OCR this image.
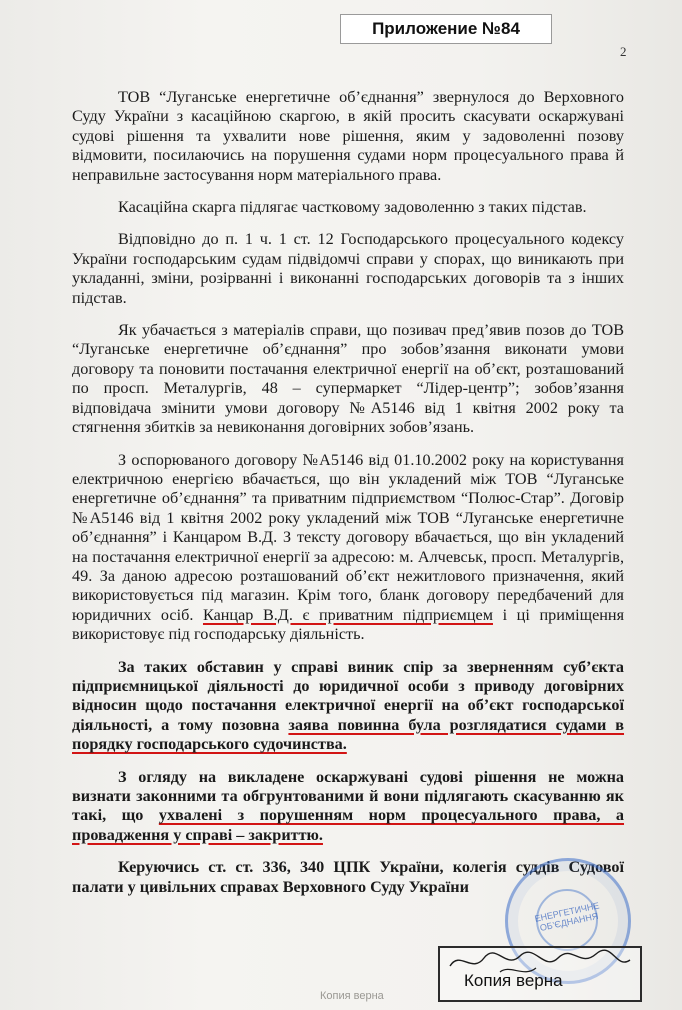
Приложение №84
2

ТОВ “Луганське енергетичне об’єднання” звернулося до Верховного Суду України з касаційною скаргою, в якій просить скасувати оскаржувані судові рішення та ухвалити нове рішення, яким у задоволенні позову відмовити, посилаючись на порушення судами норм процесуального права й неправильне застосування норм матеріального права.

Касаційна скарга підлягає частковому задоволенню з таких підстав.

Відповідно до п. 1 ч. 1 ст. 12 Господарського процесуального кодексу України господарським судам підвідомчі справи у спорах, що виникають при укладанні, зміни, розірванні і виконанні господарських договорів та з інших підстав.

Як убачається з матеріалів справи, що позивач пред’явив позов до ТОВ “Луганське енергетичне об’єднання” про зобов’язання виконати умови договору та поновити постачання електричної енергії на об’єкт, розташований по просп. Металургів, 48 – супермаркет “Лідер-центр”; зобов’язання відповідача змінити умови договору №А5146 від 1 квітня 2002 року та стягнення збитків за невиконання договірних зобов’язань.

З оспорюваного договору №А5146 від 01.10.2002 року на користування електричною енергією вбачається, що він укладений між ТОВ “Луганське енергетичне об’єднання” та приватним підприємством “Полюс-Стар”. Договір №А5146 від 1 квітня 2002 року укладений між ТОВ “Луганське енергетичне об’єднання” і Канцаром В.Д. З тексту договору вбачається, що він укладений на постачання електричної енергії за адресою: м. Алчевськ, просп. Металургів, 49. За даною адресою розташований об’єкт нежитлового призначення, який використовується під магазин. Крім того, бланк договору передбачений для юридичних осіб. Канцар В.Д. є приватним підприємцем і ці приміщення використовує під господарську діяльність.

За таких обставин у справі виник спір за зверненням суб’єкта підприємницької діяльності до юридичної особи з приводу договірних відносин щодо постачання електричної енергії на об’єкт господарської діяльності, а тому позовна заява повинна була розглядатися судами в порядку господарського судочинства.

З огляду на викладене оскаржувані судові рішення не можна визнати законними та обгрунтованими й вони підлягають скасуванню як такі, що ухвалені з порушенням норм процесуального права, а провадження у справі – закриттю.

Керуючись ст. ст. 336, 340 ЦПК України, колегія суддів Судової палати у цивільних справах Верховного Суду України

ЕНЕРГЕТИЧНЕ ОБ’ЄДНАННЯ
Копия верна
Копия верна
